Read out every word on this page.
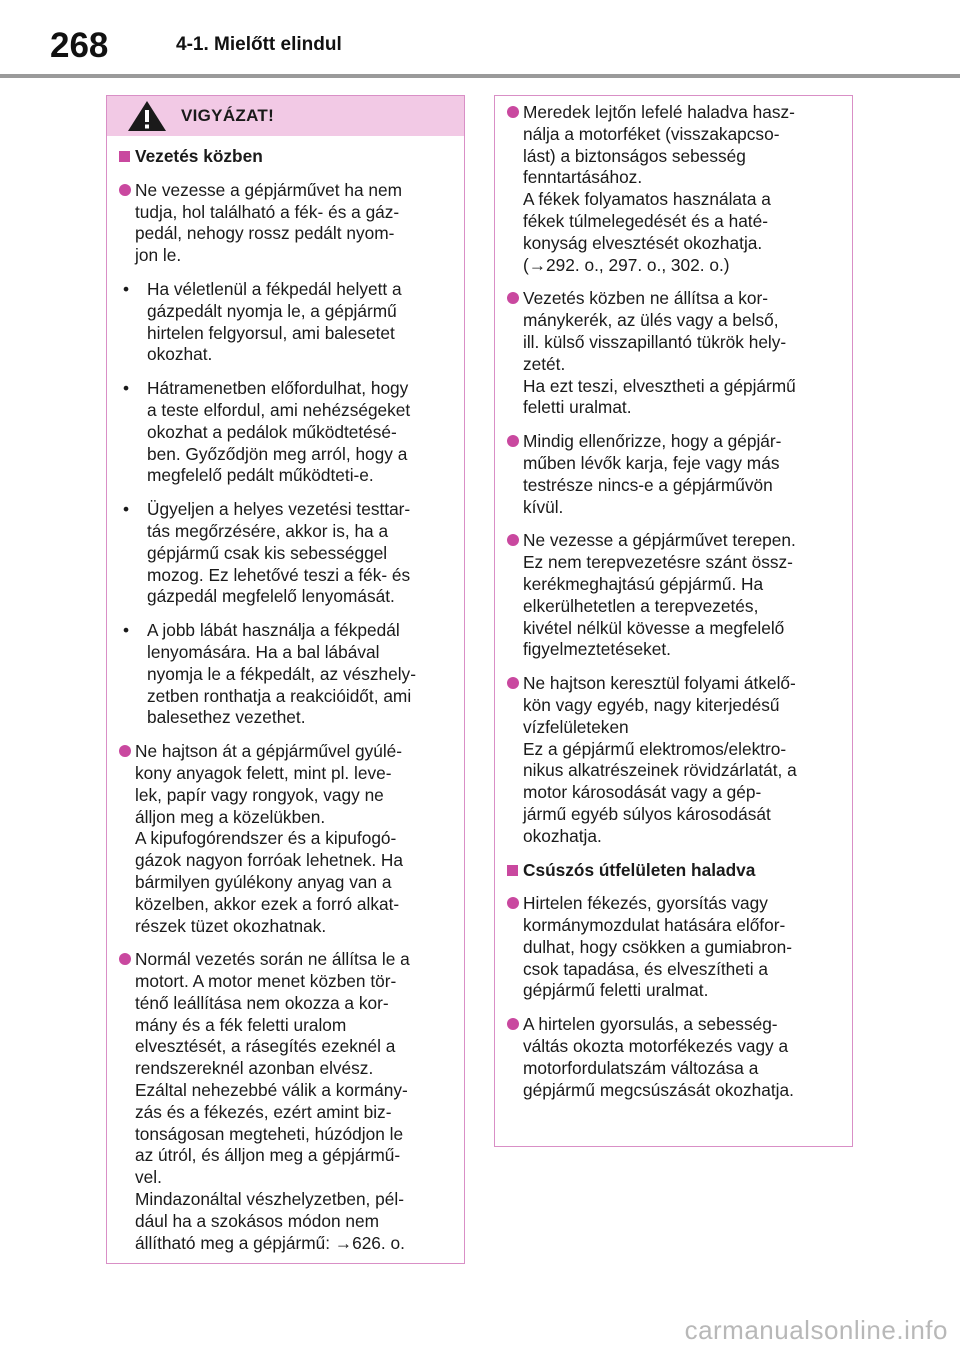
268	4-1. Mielőtt elindul
VIGYÁZAT!
Vezetés közben
Ne vezesse a gépjárművet ha nem
tudja, hol található a fék- és a gáz-
pedál, nehogy rossz pedált nyom-
jon le.
•	Ha véletlenül a fékpedál helyett a
gázpedált nyomja le, a gépjármű
hirtelen felgyorsul, ami balesetet
okozhat.
•	Hátramenetben előfordulhat, hogy
a teste elfordul, ami nehézségeket
okozhat a pedálok működtetésé-
ben. Győződjön meg arról, hogy a
megfelelő pedált működteti-e.
•	Ügyeljen a helyes vezetési testtar-
tás megőrzésére, akkor is, ha a
gépjármű csak kis sebességgel
mozog. Ez lehetővé teszi a fék- és
gázpedál megfelelő lenyomását.
•	A jobb lábát használja a fékpedál
lenyomására. Ha a bal lábával
nyomja le a fékpedált, az vészhely-
zetben ronthatja a reakcióidőt, ami
balesethez vezethet.
Ne hajtson át a gépjárművel gyúlé-
kony anyagok felett, mint pl. leve-
lek, papír vagy rongyok, vagy ne
álljon meg a közelükben.
A kipufogórendszer és a kipufogó-
gázok nagyon forróak lehetnek. Ha
bármilyen gyúlékony anyag van a
közelben, akkor ezek a forró alkat-
részek tüzet okozhatnak.
Normál vezetés során ne állítsa le a
motort. A motor menet közben tör-
ténő leállítása nem okozza a kor-
mány és a fék feletti uralom
elvesztését, a rásegítés ezeknél a
rendszereknél azonban elvész.
Ezáltal nehezebbé válik a kormány-
zás és a fékezés, ezért amint biz-
tonságosan megteheti, húzódjon le
az útról, és álljon meg a gépjármű-
vel.
Mindazonáltal vészhelyzetben, pél-
dául ha a szokásos módon nem
állítható meg a gépjármű: →626. o.
Meredek lejtőn lefelé haladva hasz-
nálja a motorféket (visszakapcso-
lást) a biztonságos sebesség
fenntartásához.
A fékek folyamatos használata a
fékek túlmelegedését és a haté-
konyság elvesztését okozhatja.
(→292. o., 297. o., 302. o.)
Vezetés közben ne állítsa a kor-
mánykerék, az ülés vagy a belső,
ill. külső visszapillantó tükrök hely-
zetét.
Ha ezt teszi, elvesztheti a gépjármű
feletti uralmat.
Mindig ellenőrizze, hogy a gépjár-
műben lévők karja, feje vagy más
testrésze nincs-e a gépjárművön
kívül.
Ne vezesse a gépjárművet terepen.
Ez nem terepvezetésre szánt össz-
kerékmeghajtású gépjármű. Ha
elkerülhetetlen a terepvezetés,
kivétel nélkül kövesse a megfelelő
figyelmeztetéseket.
Ne hajtson keresztül folyami átkelő-
kön vagy egyéb, nagy kiterjedésű
vízfelületeken
Ez a gépjármű elektromos/elektro-
nikus alkatrészeinek rövidzárlatát, a
motor károsodását vagy a gép-
jármű egyéb súlyos károsodását
okozhatja.
Csúszós útfelületen haladva
Hirtelen fékezés, gyorsítás vagy
kormánymozdulat hatására előfor-
dulhat, hogy csökken a gumiabron-
csok tapadása, és elveszítheti a
gépjármű feletti uralmat.
A hirtelen gyorsulás, a sebesség-
váltás okozta motorfékezés vagy a
motorfordulatszám változása a
gépjármű megcsúszását okozhatja.
carmanualsonline.info
